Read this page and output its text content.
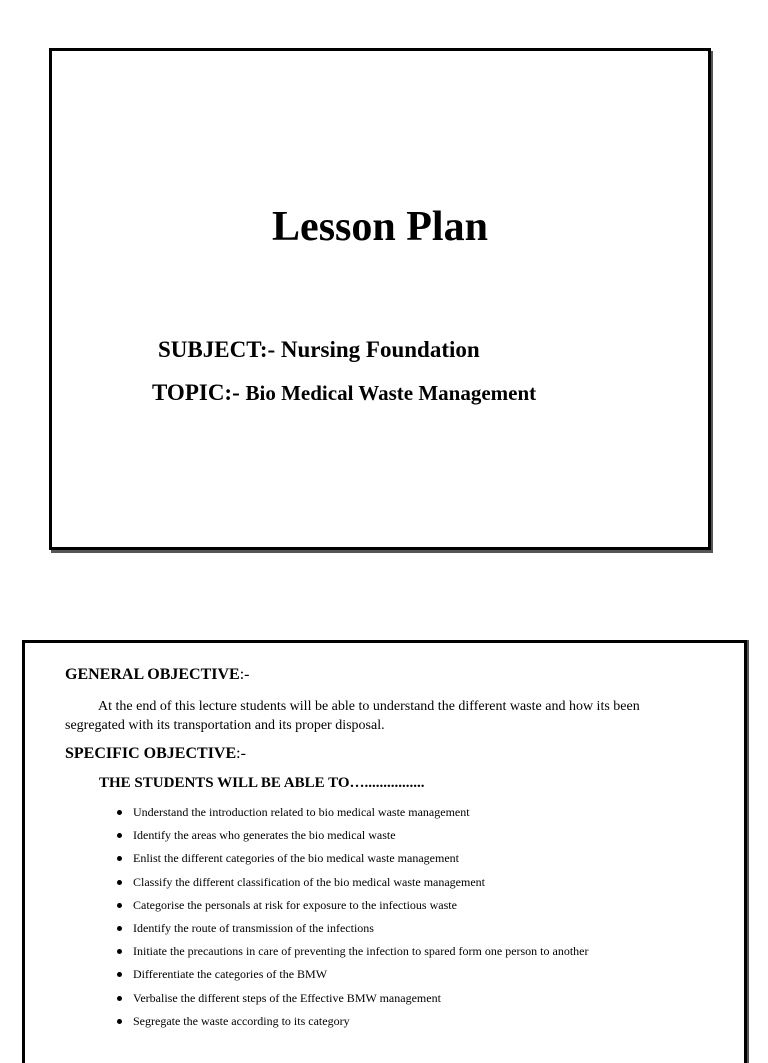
Lesson Plan
SUBJECT:- Nursing Foundation
TOPIC:- Bio Medical Waste Management
GENERAL OBJECTIVE:-
At the end of this lecture students will be able to understand the different waste and how its been segregated with its transportation and its proper disposal.
SPECIFIC OBJECTIVE:-
THE STUDENTS WILL BE ABLE TO…................
Understand the introduction related to bio medical waste management
Identify the areas who generates the bio medical waste
Enlist the different categories of the bio medical waste management
Classify the different classification of the bio medical waste management
Categorise the personals at risk for exposure to the infectious waste
Identify the route of transmission of the infections
Initiate the precautions in care of preventing the infection to spared form one person to another
Differentiate the categories of the BMW
Verbalise the different steps of the Effective BMW management
Segregate the waste according to its category
